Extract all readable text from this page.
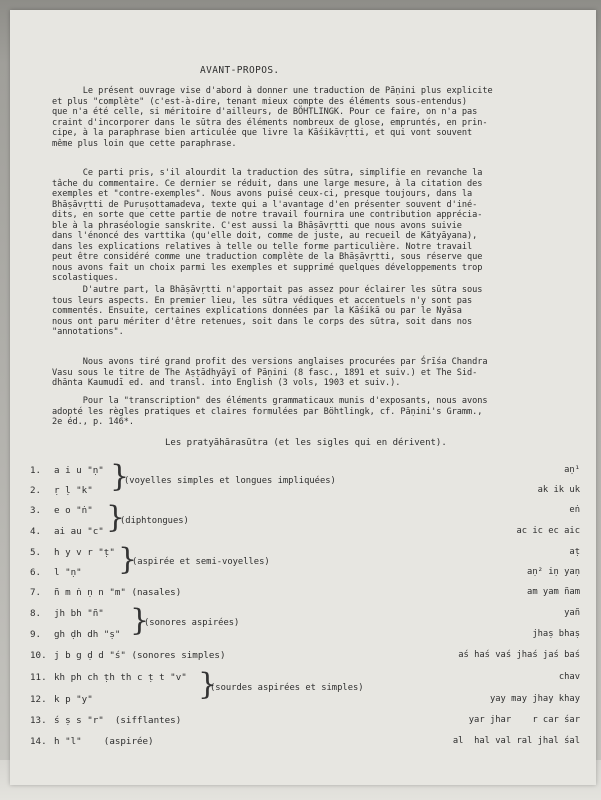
AVANT-PROPOS.
Le présent ouvrage vise d'abord à donner une traduction de Pāṇini plus explicite
et plus "complète" (c'est-à-dire, tenant mieux compte des éléments sous-entendus)
que n'a été celle, si méritoire d'ailleurs, de BÖHTLINGK. Pour ce faire, on n'a pas
craint d'incorporer dans le sūtra des éléments nombreux de glose, empruntés, en prin-
cipe, à la paraphrase bien articulée que livre la Kāśikāvṛtti, et qui vont souvent
même plus loin que cette paraphrase.
Ce parti pris, s'il alourdit la traduction des sūtra, simplifie en revanche la
tâche du commentaire. Ce dernier se réduit, dans une large mesure, à la citation des
exemples et "contre-exemples". Nous avons puisé ceux-ci, presque toujours, dans la
Bhāṣāvṛtti de Puruṣottamadeva, texte qui a l'avantage d'en présenter souvent d'iné-
dits, en sorte que cette partie de notre travail fournira une contribution apprécia-
ble à la phraséologie sanskrite. C'est aussi la Bhāṣāvṛtti que nous avons suivie
dans l'énoncé des varttika (qu'elle doit, comme de juste, au recueil de Kātyāyana),
dans les explications relatives à telle ou telle forme particulière. Notre travail
peut être considéré comme une traduction complète de la Bhāṣāvṛtti, sous réserve que
nous avons fait un choix parmi les exemples et supprimé quelques développements trop
scolastiques.
D'autre part, la Bhāṣāvṛtti n'apportait pas assez pour éclairer les sūtra sous
tous leurs aspects. En premier lieu, les sūtra védiques et accentuels n'y sont pas
commentés. Ensuite, certaines explications données par la Kāśikā ou par le Nyāsa
nous ont paru mériter d'être retenues, soit dans le corps des sūtra, soit dans nos
"annotations".
Nous avons tiré grand profit des versions anglaises procurées par Śrīśa Chandra
Vasu sous le titre de The Aṣṭādhyāyī of Pāṇini (8 fasc., 1891 et suiv.) et The Sid-
dhānta Kaumudī ed. and transl. into English (3 vols, 1903 et suiv.).
Pour la "transcription" des éléments grammaticaux munis d'exposants, nous avons
adopté les règles pratiques et claires formulées par Böhtlingk, cf. Pāṇini's Gramm.,
2e éd., p. 146*.
Les pratyāhārasūtra (et les sigles qui en dérivent).
1. a i u "ṇ"
2. ṛ ḷ "k"
3. e o "ṅ"
4. ai au "c"
5. h y v r "ṭ"
6. l "ṇ"
7. ñ m ṅ ṇ n "m" (nasales)
8. jh bh "ñ"
9. gh ḍh dh "ṣ"
10. j b g ḍ d "ś" (sonores simples)
11. kh ph ch ṭh th c ṭ t "v"
12. k p "y"
13. ś ṣ s "r"  (sifflantes)
14. h "l"    (aspirée)
}
(voyelles simples et longues impliquées)
}
(diphtongues)
}
(aspirée et semi-voyelles)
}
(sonores aspirées)
}
(sourdes aspirées et simples)
aṇ¹
ak ik uk
eṅ
ac ic ec aic
aṭ
aṇ² iṇ yaṇ
am yam ñam
yañ
jhaṣ bhaṣ
aś haś vaś jhaś jaś baś
chav
yay may jhay khay
yar jhar    r car śar
al  hal val ral jhal śal
